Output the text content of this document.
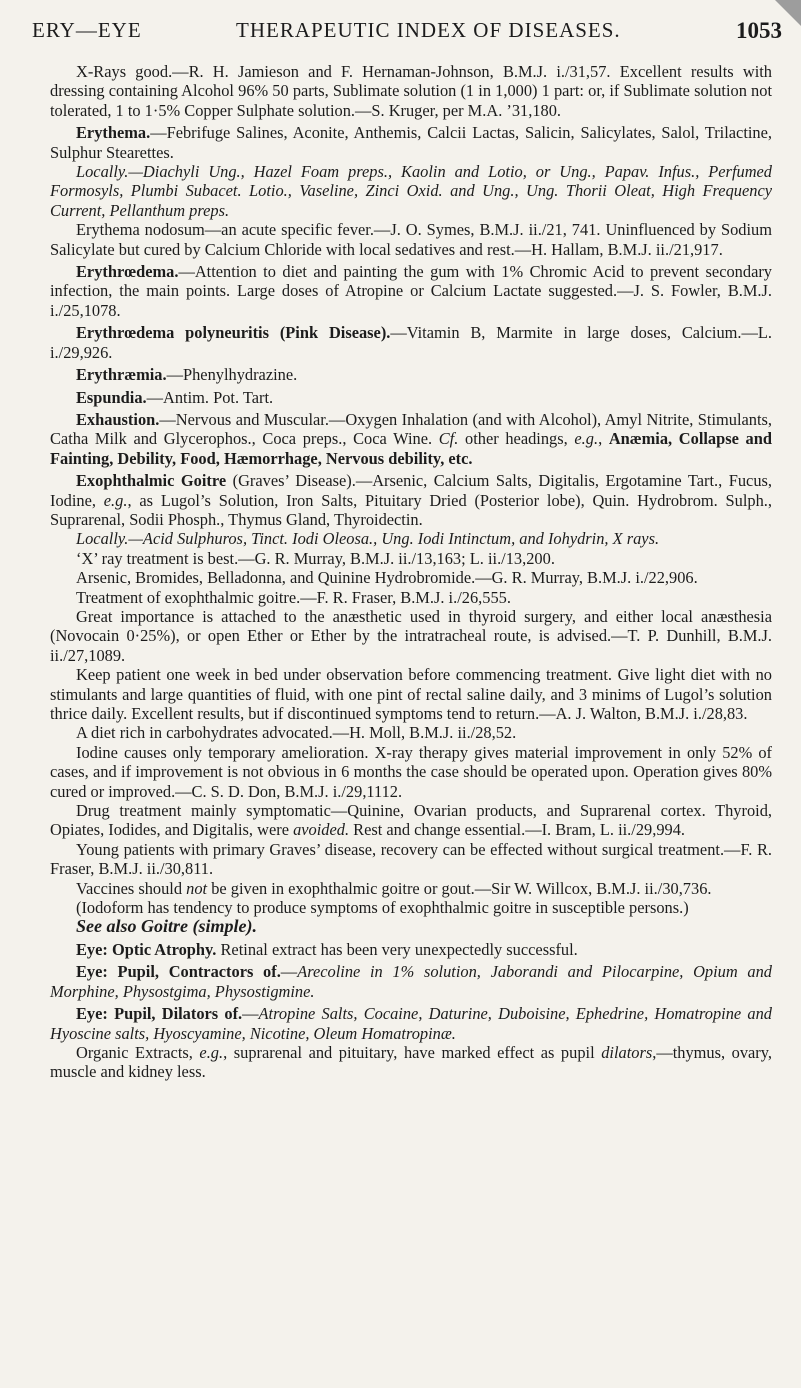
ERY—EYE	THERAPEUTIC INDEX OF DISEASES.	1053

X-Rays good.—R. H. Jamieson and F. Hernaman-Johnson, B.M.J. i./31,57. Excellent results with dressing containing Alcohol 96% 50 parts, Sublimate solution (1 in 1,000) 1 part: or, if Sublimate solution not tolerated, 1 to 1·5% Copper Sulphate solution.—S. Kruger, per M.A. ’31,180.

Erythema.—Febrifuge Salines, Aconite, Anthemis, Calcii Lactas, Salicin, Salicylates, Salol, Trilactine, Sulphur Stearettes.

Locally.—Diachyli Ung., Hazel Foam preps., Kaolin and Lotio, or Ung., Papav. Infus., Perfumed Formosyls, Plumbi Subacet. Lotio., Vaseline, Zinci Oxid. and Ung., Ung. Thorii Oleat, High Frequency Current, Pellanthum preps.

Erythema nodosum—an acute specific fever.—J. O. Symes, B.M.J. ii./21, 741. Uninfluenced by Sodium Salicylate but cured by Calcium Chloride with local sedatives and rest.—H. Hallam, B.M.J. ii./21,917.

Erythrœdema.—Attention to diet and painting the gum with 1% Chromic Acid to prevent secondary infection, the main points. Large doses of Atropine or Calcium Lactate suggested.—J. S. Fowler, B.M.J. i./25,1078.

Erythrœdema polyneuritis (Pink Disease).—Vitamin B, Marmite in large doses, Calcium.—L. i./29,926.

Erythræmia.—Phenylhydrazine.

Espundia.—Antim. Pot. Tart.

Exhaustion.—Nervous and Muscular.—Oxygen Inhalation (and with Alcohol), Amyl Nitrite, Stimulants, Catha Milk and Glycerophos., Coca preps., Coca Wine. Cf. other headings, e.g., Anæmia, Collapse and Fainting, Debility, Food, Hæmorrhage, Nervous debility, etc.

Exophthalmic Goitre (Graves’ Disease).—Arsenic, Calcium Salts, Digitalis, Ergotamine Tart., Fucus, Iodine, e.g., as Lugol’s Solution, Iron Salts, Pituitary Dried (Posterior lobe), Quin. Hydrobrom. Sulph., Suprarenal, Sodii Phosph., Thymus Gland, Thyroidectin.

Locally.—Acid Sulphuros, Tinct. Iodi Oleosa., Ung. Iodi Intinctum, and Iohydrin, X rays.

‘X’ ray treatment is best.—G. R. Murray, B.M.J. ii./13,163; L. ii./13,200.

Arsenic, Bromides, Belladonna, and Quinine Hydrobromide.—G. R. Murray, B.M.J. i./22,906.

Treatment of exophthalmic goitre.—F. R. Fraser, B.M.J. i./26,555.

Great importance is attached to the anæsthetic used in thyroid surgery, and either local anæsthesia (Novocain 0·25%), or open Ether or Ether by the intratracheal route, is advised.—T. P. Dunhill, B.M.J. ii./27,1089.

Keep patient one week in bed under observation before commencing treatment. Give light diet with no stimulants and large quantities of fluid, with one pint of rectal saline daily, and 3 minims of Lugol’s solution thrice daily. Excellent results, but if discontinued symptoms tend to return.—A. J. Walton, B.M.J. i./28,83.

A diet rich in carbohydrates advocated.—H. Moll, B.M.J. ii./28,52.

Iodine causes only temporary amelioration. X-ray therapy gives material improvement in only 52% of cases, and if improvement is not obvious in 6 months the case should be operated upon. Operation gives 80% cured or improved.—C. S. D. Don, B.M.J. i./29,1112.

Drug treatment mainly symptomatic—Quinine, Ovarian products, and Suprarenal cortex. Thyroid, Opiates, Iodides, and Digitalis, were avoided. Rest and change essential.—I. Bram, L. ii./29,994.

Young patients with primary Graves’ disease, recovery can be effected without surgical treatment.—F. R. Fraser, B.M.J. ii./30,811.

Vaccines should not be given in exophthalmic goitre or gout.—Sir W. Willcox, B.M.J. ii./30,736.

(Iodoform has tendency to produce symptoms of exophthalmic goitre in susceptible persons.)

See also Goitre (simple).

Eye: Optic Atrophy. Retinal extract has been very unexpectedly successful.

Eye: Pupil, Contractors of.—Arecoline in 1% solution, Jaborandi and Pilocarpine, Opium and Morphine, Physostgima, Physostigmine.

Eye: Pupil, Dilators of.—Atropine Salts, Cocaine, Daturine, Duboisine, Ephedrine, Homatropine and Hyoscine salts, Hyoscyamine, Nicotine, Oleum Homatropinæ.

Organic Extracts, e.g., suprarenal and pituitary, have marked effect as pupil dilators,—thymus, ovary, muscle and kidney less.
